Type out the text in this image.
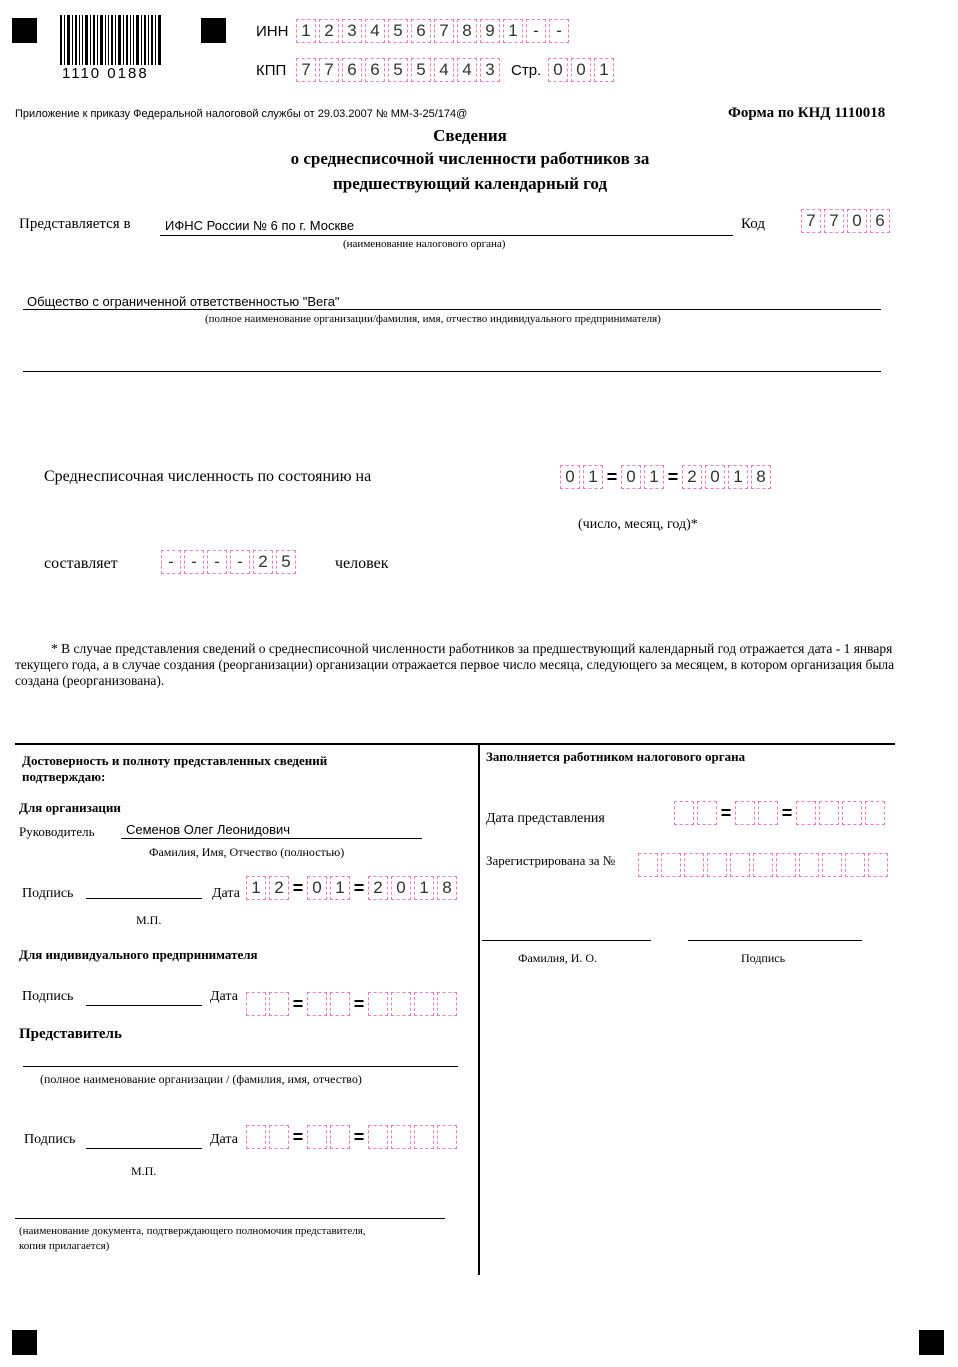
1110 0188
ИНН 1 2 3 4 5 6 7 8 9 1 -	-
КПП 7 7 6 6 5 5 4 4 3	Стр. 0 0 1
Приложение к приказу Федеральной налоговой службы от 29.03.2007 № ММ-3-25/174@	Форма по КНД 1110018
Сведения
о среднесписочной численности работников за
предшествующий календарный год
Представляется в	ИФНС России № 6 по г. Москве
(наименование налогового органа)
Код	7 7 0 6
Общество с ограниченной ответственностью "Вега"
(полное наименование организации/фамилия, имя, отчество индивидуального предпринимателя)
Среднесписочная численность по состоянию на	0 1 = 0 1 = 2 0 1 8
(число, месяц, год)*
составляет	-	-	-	- 2 5	человек
* В случае представления сведений о среднесписочной численности работников за предшествующий календарный год отражается дата - 1 января текущего года, а в случае создания (реорганизации) организации отражается первое число месяца, следующего за месяцем, в котором организация была создана (реорганизована).
Достоверность и полноту представленных сведений
подтверждаю:
Для организации
Руководитель Семенов Олег Леонидович
Фамилия, Имя, Отчество (полностью)
Подпись	Дата 1 2 = 0 1 = 2 0 1 8
М.П.
Для индивидуального предпринимателя
Подпись	Дата	=	=
Представитель
(полное наименование организации / (фамилия, имя, отчество)
Подпись	Дата	=	=
М.П.
(наименование документа, подтверждающего полномочия представителя,
копия прилагается)
Заполняется работником налогового органа
Дата представления	=	=
Зарегистрирована за №
Фамилия, И. О.	Подпись
